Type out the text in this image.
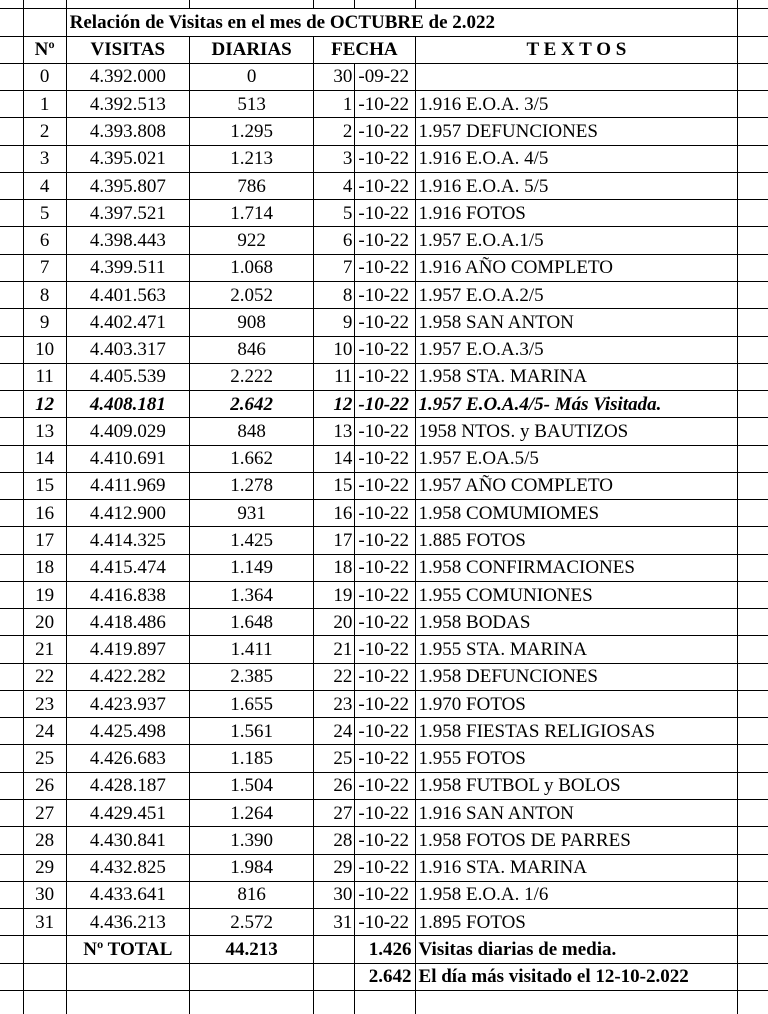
		Relación de Visitas en el mes de OCTUBRE de 2.022					
	Nº	VISITAS	DIARIAS	FECHA		T E X T O S	
	0	4.392.000	0	30	-09-22		
	1	4.392.513	513	1	-10-22	1.916 E.O.A. 3/5	
	2	4.393.808	1.295	2	-10-22	1.957 DEFUNCIONES	
	3	4.395.021	1.213	3	-10-22	1.916 E.O.A. 4/5	
	4	4.395.807	786	4	-10-22	1.916 E.O.A. 5/5	
	5	4.397.521	1.714	5	-10-22	1.916 FOTOS	
	6	4.398.443	922	6	-10-22	1.957 E.O.A.1/5	
	7	4.399.511	1.068	7	-10-22	1.916 AÑO COMPLETO	
	8	4.401.563	2.052	8	-10-22	1.957 E.O.A.2/5	
	9	4.402.471	908	9	-10-22	1.958 SAN ANTON	
	10	4.403.317	846	10	-10-22	1.957 E.O.A.3/5	
	11	4.405.539	2.222	11	-10-22	1.958 STA. MARINA	
	12	4.408.181	2.642	12	-10-22	1.957 E.O.A.4/5- Más Visitada.	
	13	4.409.029	848	13	-10-22	1958 NTOS. y BAUTIZOS	
	14	4.410.691	1.662	14	-10-22	1.957 E.OA.5/5	
	15	4.411.969	1.278	15	-10-22	1.957 AÑO COMPLETO	
	16	4.412.900	931	16	-10-22	1.958 COMUMIOMES	
	17	4.414.325	1.425	17	-10-22	1.885 FOTOS	
	18	4.415.474	1.149	18	-10-22	1.958 CONFIRMACIONES	
	19	4.416.838	1.364	19	-10-22	1.955 COMUNIONES	
	20	4.418.486	1.648	20	-10-22	1.958 BODAS	
	21	4.419.897	1.411	21	-10-22	1.955 STA. MARINA	
	22	4.422.282	2.385	22	-10-22	1.958 DEFUNCIONES	
	23	4.423.937	1.655	23	-10-22	1.970 FOTOS	
	24	4.425.498	1.561	24	-10-22	1.958 FIESTAS RELIGIOSAS	
	25	4.426.683	1.185	25	-10-22	1.955 FOTOS	
	26	4.428.187	1.504	26	-10-22	1.958 FUTBOL y BOLOS	
	27	4.429.451	1.264	27	-10-22	1.916 SAN ANTON	
	28	4.430.841	1.390	28	-10-22	1.958 FOTOS DE PARRES	
	29	4.432.825	1.984	29	-10-22	1.916 STA. MARINA	
	30	4.433.641	816	30	-10-22	1.958 E.O.A. 1/6	
	31	4.436.213	2.572	31	-10-22	1.895 FOTOS	
		Nº TOTAL	44.213		1.426	Visitas diarias de media.	
					2.642	El día más visitado el 12-10-2.022	
